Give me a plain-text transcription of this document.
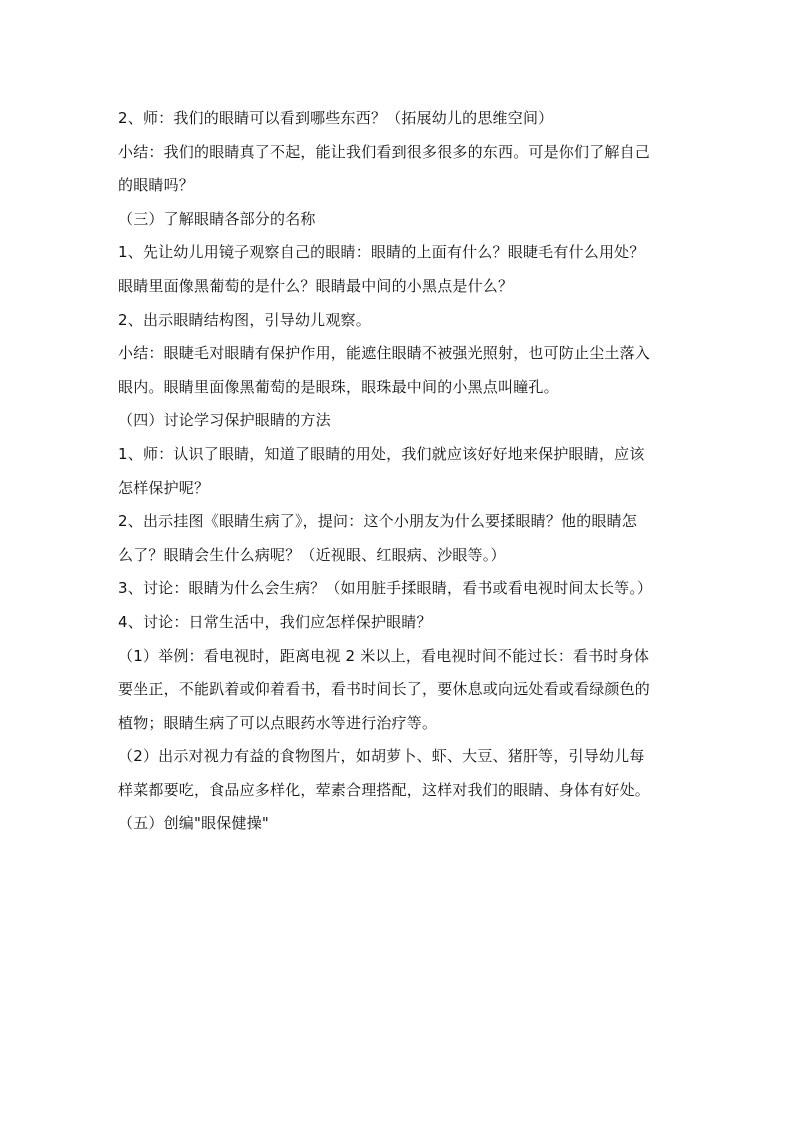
2、师：我们的眼睛可以看到哪些东西？（拓展幼儿的思维空间）
小结：我们的眼睛真了不起，能让我们看到很多很多的东西。可是你们了解自己
的眼睛吗？
（三）了解眼睛各部分的名称
1、先让幼儿用镜子观察自己的眼睛：眼睛的上面有什么？眼睫毛有什么用处？
眼睛里面像黑葡萄的是什么？眼睛最中间的小黑点是什么？
2、出示眼睛结构图，引导幼儿观察。
小结：眼睫毛对眼睛有保护作用，能遮住眼睛不被强光照射，也可防止尘土落入
眼内。眼睛里面像黑葡萄的是眼珠，眼珠最中间的小黑点叫瞳孔。
（四）讨论学习保护眼睛的方法
1、师：认识了眼睛，知道了眼睛的用处，我们就应该好好地来保护眼睛，应该
怎样保护呢？
2、出示挂图《眼睛生病了》，提问：这个小朋友为什么要揉眼睛？他的眼睛怎
么了？眼睛会生什么病呢？（近视眼、红眼病、沙眼等。）
3、讨论：眼睛为什么会生病？（如用脏手揉眼睛，看书或看电视时间太长等。）
4、讨论：日常生活中，我们应怎样保护眼睛？
（1）举例：看电视时，距离电视 2 米以上，看电视时间不能过长：看书时身体
要坐正，不能趴着或仰着看书，看书时间长了，要休息或向远处看或看绿颜色的
植物；眼睛生病了可以点眼药水等进行治疗等。
（2）出示对视力有益的食物图片，如胡萝卜、虾、大豆、猪肝等，引导幼儿每
样菜都要吃，食品应多样化，荤素合理搭配，这样对我们的眼睛、身体有好处。
（五）创编"眼保健操"
